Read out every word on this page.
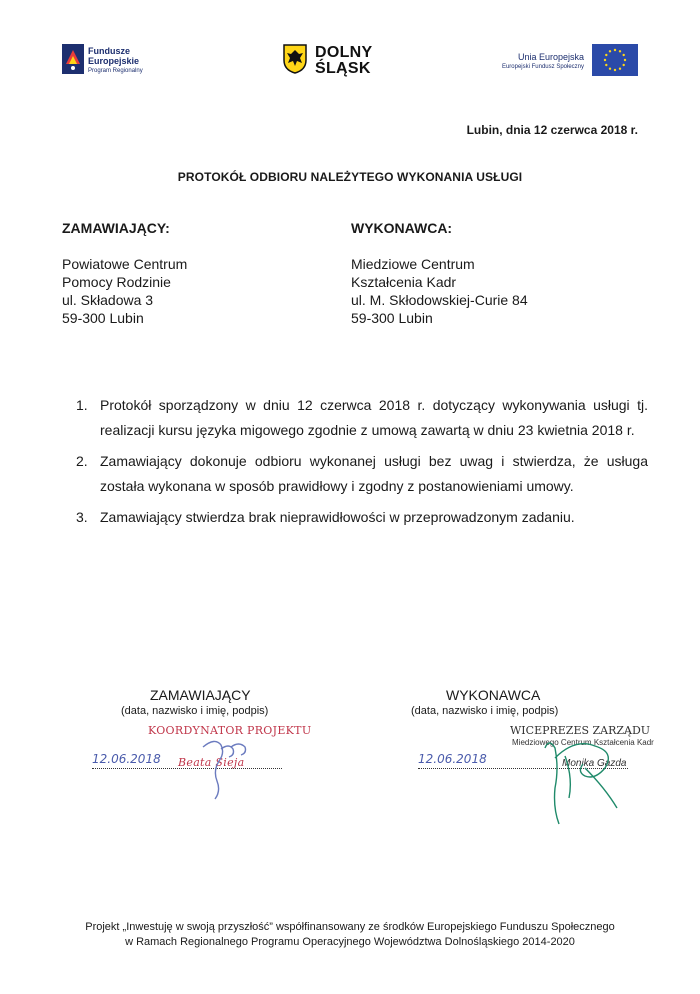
Fundusze
Europejskie
Program Regionalny
DOLNY
ŚLĄSK
Unia Europejska
Europejski Fundusz Społeczny
Lubin, dnia 12 czerwca 2018 r.
PROTOKÓŁ ODBIORU NALEŻYTEGO WYKONANIA USŁUGI
ZAMAWIAJĄCY:
Powiatowe Centrum
Pomocy Rodzinie
ul. Składowa 3
59-300 Lubin
WYKONAWCA:
Miedziowe Centrum
Kształcenia Kadr
ul. M. Skłodowskiej-Curie 84
59-300 Lubin
1. Protokół sporządzony w dniu 12 czerwca 2018 r. dotyczący wykonywania usługi tj. realizacji kursu języka migowego zgodnie z umową zawartą w dniu 23 kwietnia 2018 r.
2. Zamawiający dokonuje odbioru wykonanej usługi bez uwag i stwierdza, że usługa została wykonana w sposób prawidłowy i zgodny z postanowieniami umowy.
3. Zamawiający stwierdza brak nieprawidłowości w przeprowadzonym zadaniu.
ZAMAWIAJĄCY
(data, nazwisko i imię, podpis)
KOORDYNATOR PROJEKTU
12.06.2018 Beata Sieja
WYKONAWCA
(data, nazwisko i imię, podpis)
WICEPREZES ZARZĄDU
Miedziowego Centrum Kształcenia Kadr
12.06.2018	Monika Gazda
Projekt „Inwestuję w swoją przyszłość” współfinansowany ze środków Europejskiego Funduszu Społecznego
w Ramach Regionalnego Programu Operacyjnego Województwa Dolnośląskiego 2014-2020
